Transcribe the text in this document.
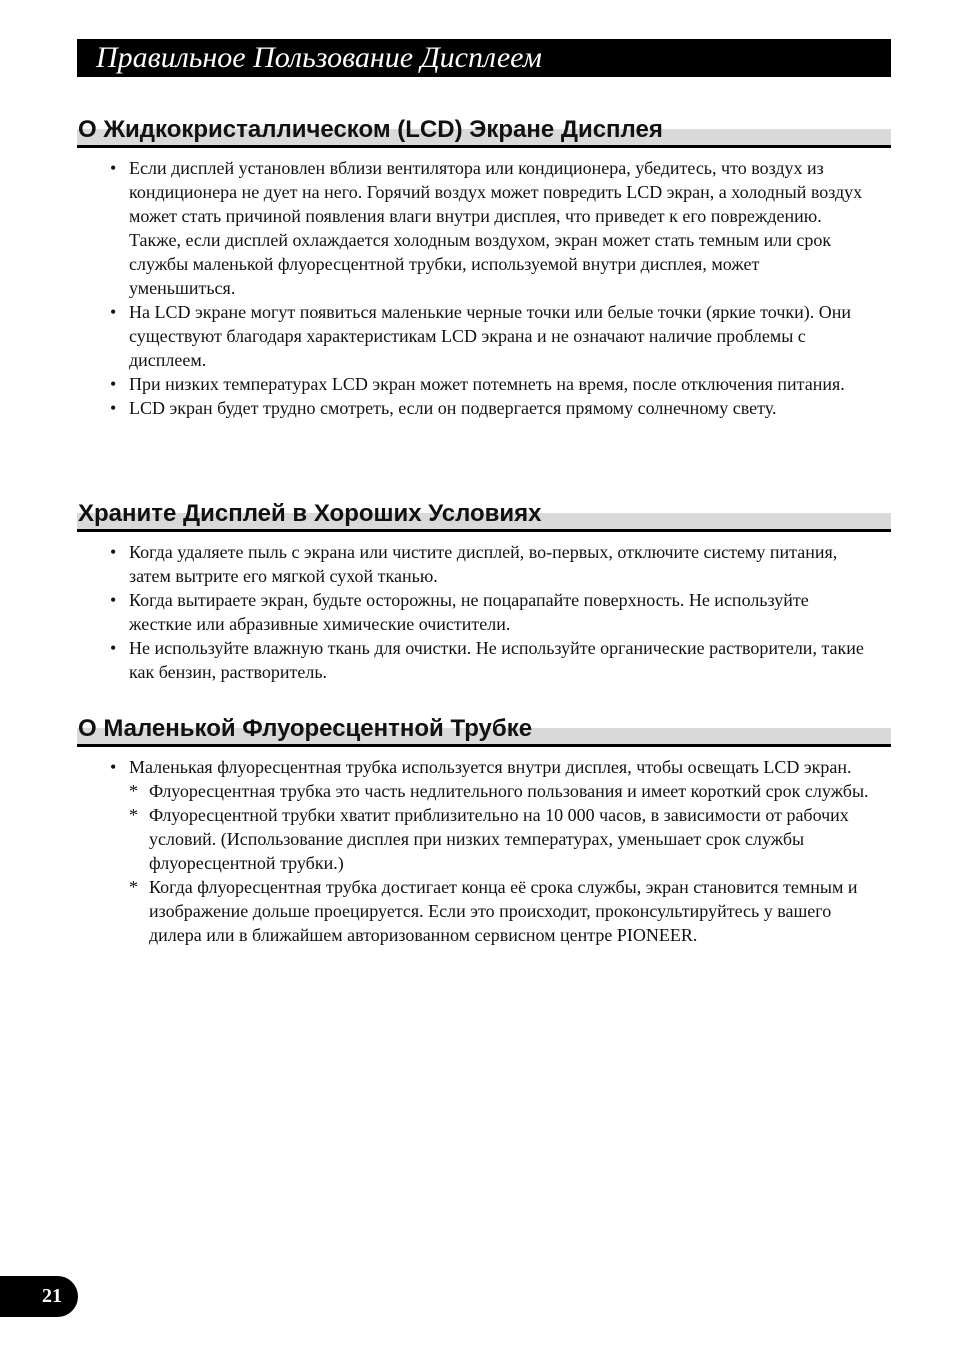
Правильное Пользование Дисплеем
О Жидкокристаллическом (LCD) Экране Дисплея
• Если дисплей установлен вблизи вентилятора или кондиционера, убедитесь, что воздух из кондиционера не дует на него. Горячий воздух может повредить LCD экран, а холодный воздух может стать причиной появления влаги внутри дисплея, что приведет к его повреждению. Также, если дисплей охлаждается холодным воздухом, экран может стать темным или срок службы маленькой флуоресцентной трубки, используемой внутри дисплея, может уменьшиться.
• На LCD экране могут появиться маленькие черные точки или белые точки (яркие точки). Они существуют благодаря характеристикам LCD экрана и не означают наличие проблемы с дисплеем.
• При низких температурах LCD экран может потемнеть на время, после отключения питания.
• LCD экран будет трудно смотреть, если он подвергается прямому солнечному свету.
Храните Дисплей в Хороших Условиях
• Когда удаляете пыль с экрана или чистите дисплей, во-первых, отключите систему питания, затем вытрите его мягкой сухой тканью.
• Когда вытираете экран, будьте осторожны, не поцарапайте поверхность. Не используйте жесткие или абразивные химические очистители.
• Не используйте влажную ткань для очистки. Не используйте органические растворители, такие как бензин, растворитель.
О Маленькой Флуоресцентной Трубке
• Маленькая флуоресцентная трубка используется внутри дисплея, чтобы освещать LCD экран.
* Флуоресцентная трубка это часть недлительного пользования и имеет короткий срок службы.
* Флуоресцентной трубки хватит приблизительно на 10 000 часов, в зависимости от рабочих условий. (Использование дисплея при низких температурах, уменьшает срок службы флуоресцентной трубки.)
* Когда флуоресцентная трубка достигает конца её срока службы, экран становится темным и изображение дольше проецируется. Если это происходит, проконсультируйтесь у вашего дилера или в ближайшем авторизованном сервисном центре PIONEER.
21
